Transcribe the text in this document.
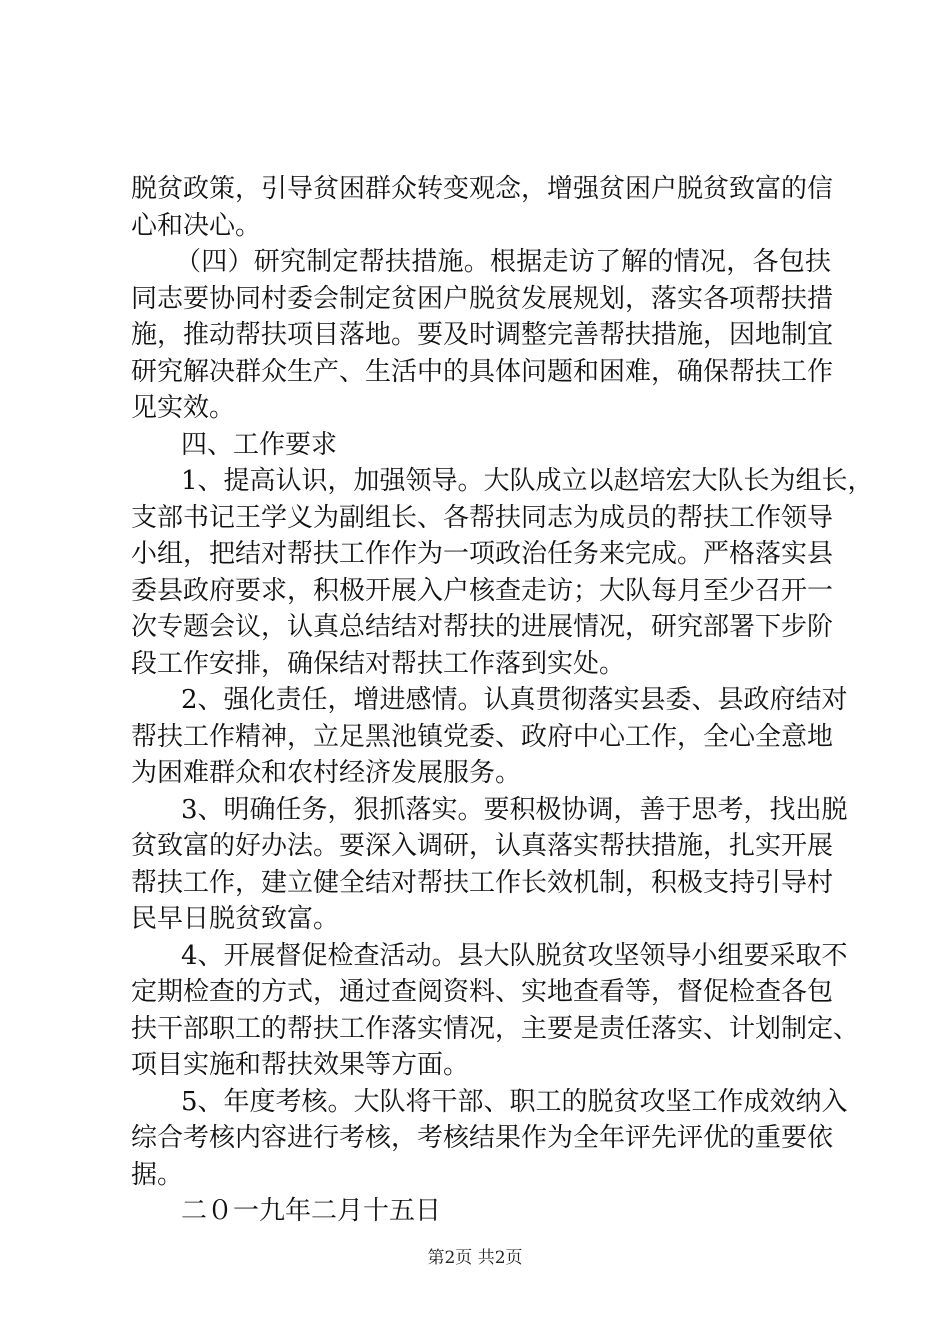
脱贫政策，引导贫困群众转变观念，增强贫困户脱贫致富的信
心和决心。
（四）研究制定帮扶措施。根据走访了解的情况，各包扶
同志要协同村委会制定贫困户脱贫发展规划，落实各项帮扶措
施，推动帮扶项目落地。要及时调整完善帮扶措施，因地制宜
研究解决群众生产、生活中的具体问题和困难，确保帮扶工作
见实效。
四、工作要求
1、提高认识，加强领导。大队成立以赵培宏大队长为组长，
支部书记王学义为副组长、各帮扶同志为成员的帮扶工作领导
小组，把结对帮扶工作作为一项政治任务来完成。严格落实县
委县政府要求，积极开展入户核查走访；大队每月至少召开一
次专题会议，认真总结结对帮扶的进展情况，研究部署下步阶
段工作安排，确保结对帮扶工作落到实处。
2、强化责任，增进感情。认真贯彻落实县委、县政府结对
帮扶工作精神，立足黑池镇党委、政府中心工作，全心全意地
为困难群众和农村经济发展服务。
3、明确任务，狠抓落实。要积极协调，善于思考，找出脱
贫致富的好办法。要深入调研，认真落实帮扶措施，扎实开展
帮扶工作，建立健全结对帮扶工作长效机制，积极支持引导村
民早日脱贫致富。
4、开展督促检查活动。县大队脱贫攻坚领导小组要采取不
定期检查的方式，通过查阅资料、实地查看等，督促检查各包
扶干部职工的帮扶工作落实情况，主要是责任落实、计划制定、
项目实施和帮扶效果等方面。
5、年度考核。大队将干部、职工的脱贫攻坚工作成效纳入
综合考核内容进行考核，考核结果作为全年评先评优的重要依
据。
二０一九年二月十五日
第2页 共2页
